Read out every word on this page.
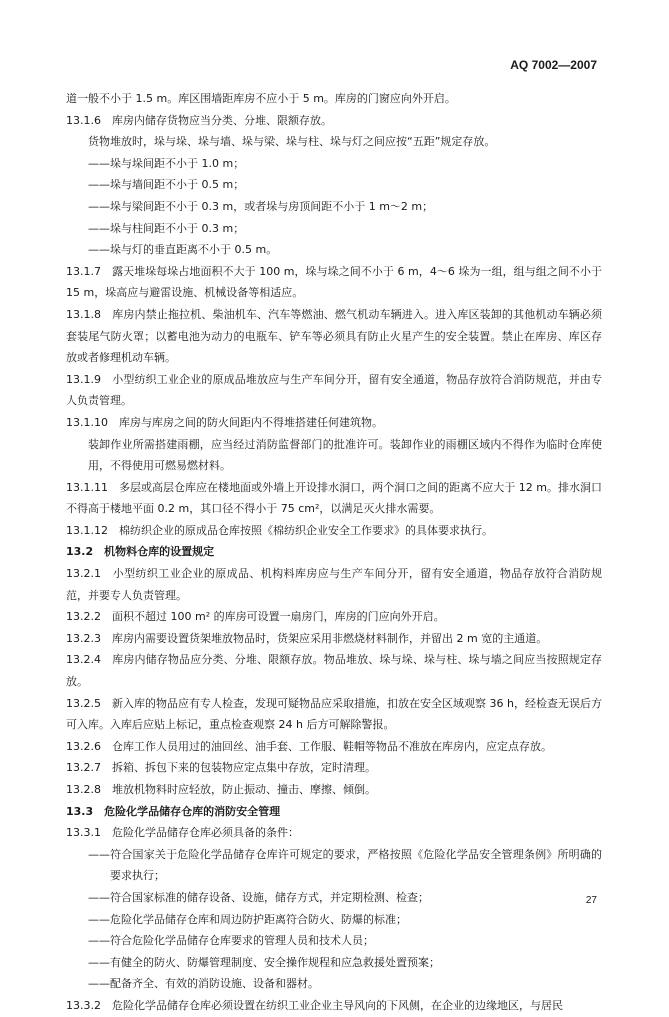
AQ 7002—2007

道一般不小于 1.5 m。库区围墙距库房不应小于 5 m。库房的门窗应向外开启。

13.1.6　库房内储存货物应当分类、分堆、限额存放。

货物堆放时，垛与垛、垛与墙、垛与梁、垛与柱、垛与灯之间应按“五距”规定存放。

——垛与垛间距不小于 1.0 m；

——垛与墙间距不小于 0.5 m；

——垛与梁间距不小于 0.3 m，或者垛与房顶间距不小于 1 m～2 m；

——垛与柱间距不小于 0.3 m；

——垛与灯的垂直距离不小于 0.5 m。

13.1.7　露天堆垛每垛占地面积不大于 100 m，垛与垛之间不小于 6 m，4～6 垛为一组，组与组之间不小于 15 m，垛高应与避雷设施、机械设备等相适应。

13.1.8　库房内禁止拖拉机、柴油机车、汽车等燃油、燃气机动车辆进入。进入库区装卸的其他机动车辆必须套装尾气防火罩；以蓄电池为动力的电瓶车、铲车等必须具有防止火星产生的安全装置。禁止在库房、库区存放或者修理机动车辆。

13.1.9　小型纺织工业企业的原成品堆放应与生产车间分开，留有安全通道，物品存放符合消防规范，并由专人负责管理。

13.1.10　库房与库房之间的防火间距内不得堆搭建任何建筑物。

装卸作业所需搭建雨棚，应当经过消防监督部门的批准许可。装卸作业的雨棚区域内不得作为临时仓库使用，不得使用可燃易燃材料。

13.1.11　多层或高层仓库应在楼地面或外墙上开设排水洞口，两个洞口之间的距离不应大于 12 m。排水洞口不得高于楼地平面 0.2 m，其口径不得小于 75 cm²，以满足灭火排水需要。

13.1.12　棉纺织企业的原成品仓库按照《棉纺织企业安全工作要求》的具体要求执行。

13.2　机物料仓库的设置规定

13.2.1　小型纺织工业企业的原成品、机构料库房应与生产车间分开，留有安全通道，物品存放符合消防规范，并要专人负责管理。

13.2.2　面积不超过 100 m² 的库房可设置一扇房门，库房的门应向外开启。

13.2.3　库房内需要设置货架堆放物品时，货架应采用非燃烧材料制作，并留出 2 m 宽的主通道。

13.2.4　库房内储存物品应分类、分堆、限额存放。物品堆放、垛与垛、垛与柱、垛与墙之间应当按照规定存放。

13.2.5　新入库的物品应有专人检查，发现可疑物品应采取措施，扣放在安全区域观察 36 h，经检查无误后方可入库。入库后应贴上标记，重点检查观察 24 h 后方可解除警报。

13.2.6　仓库工作人员用过的油回丝、油手套、工作服、鞋帽等物品不准放在库房内，应定点存放。

13.2.7　拆箱、拆包下来的包装物应定点集中存放，定时清理。

13.2.8　堆放机物料时应轻放，防止振动、撞击、摩擦、倾倒。

13.3　危险化学品储存仓库的消防安全管理

13.3.1　危险化学品储存仓库必须具备的条件：

——符合国家关于危险化学品储存仓库许可规定的要求，严格按照《危险化学品安全管理条例》所明确的要求执行；

——符合国家标准的储存设备、设施，储存方式，并定期检测、检查；

——危险化学品储存仓库和周边防护距离符合防火、防爆的标准；

——符合危险化学品储存仓库要求的管理人员和技术人员；

——有健全的防火、防爆管理制度、安全操作规程和应急救援处置预案；

——配备齐全、有效的消防设施、设备和器材。

13.3.2　危险化学品储存仓库必须设置在纺织工业企业主导风向的下风侧，在企业的边缘地区，与居民

27
